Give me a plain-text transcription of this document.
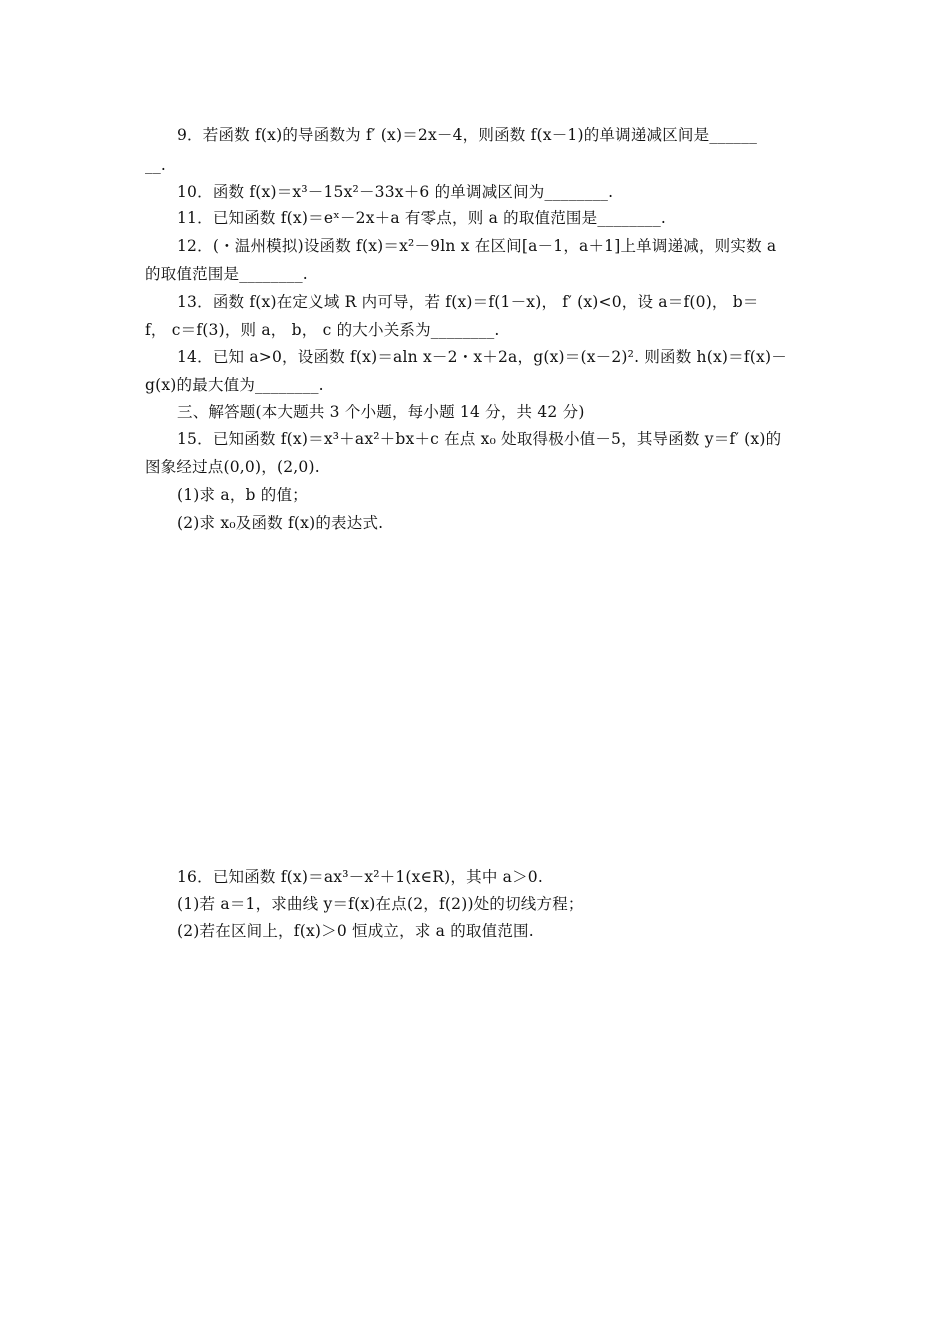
9．若函数 f(x)的导函数为 f′ (x)＝2x－4，则函数 f(x－1)的单调递减区间是______
__.
10．函数 f(x)＝x³－15x²－33x＋6 的单调减区间为________.
11．已知函数 f(x)＝eˣ－2x＋a 有零点，则 a 的取值范围是________.
12．(・温州模拟)设函数 f(x)＝x²－9ln x 在区间[a－1，a＋1]上单调递减，则实数 a
的取值范围是________.
13．函数 f(x)在定义域 R 内可导，若 f(x)＝f(1－x)， f′ (x)<0，设 a＝f(0)， b＝
f， c＝f(3)，则 a， b， c 的大小关系为________.
14．已知 a>0，设函数 f(x)＝aln x－2・x＋2a，g(x)＝(x－2)². 则函数 h(x)＝f(x)－
g(x)的最大值为________.
三、解答题(本大题共 3 个小题，每小题 14 分，共 42 分)
15．已知函数 f(x)＝x³＋ax²＋bx＋c 在点 x₀ 处取得极小值－5，其导函数 y＝f′ (x)的
图象经过点(0,0)，(2,0).
(1)求 a，b 的值；
(2)求 x₀及函数 f(x)的表达式.
16．已知函数 f(x)＝ax³－x²＋1(x∈R)，其中 a＞0.
(1)若 a＝1，求曲线 y＝f(x)在点(2，f(2))处的切线方程；
(2)若在区间上，f(x)＞0 恒成立，求 a 的取值范围.
